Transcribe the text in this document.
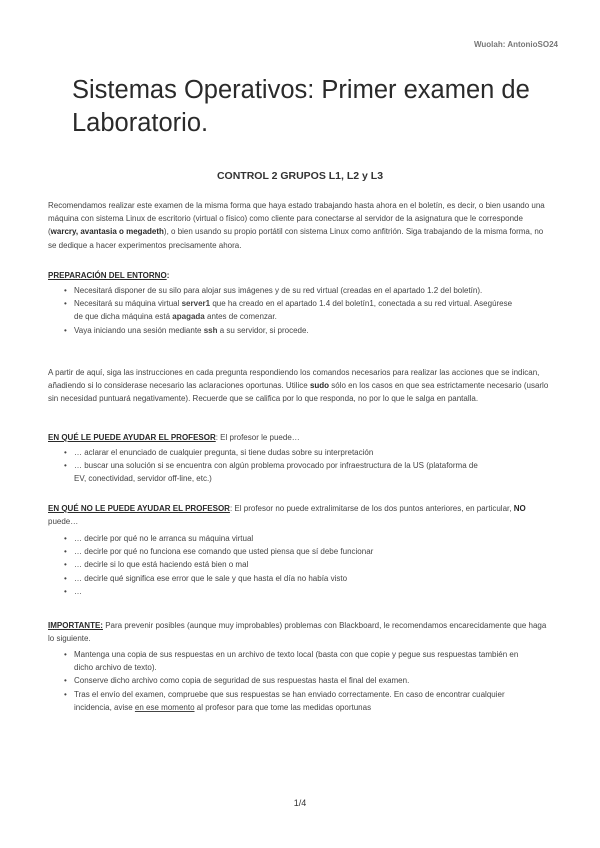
Wuolah: AntonioSO24
Sistemas Operativos: Primer examen de Laboratorio.
CONTROL 2 GRUPOS L1, L2 y L3

Recomendamos realizar este examen de la misma forma que haya estado trabajando hasta ahora en el boletín, es decir, o bien usando una máquina con sistema Linux de escritorio (virtual o físico) como cliente para conectarse al servidor de la asignatura que le corresponde (warcry, avantasia o megadeth), o bien usando su propio portátil con sistema Linux como anfitrión. Siga trabajando de la misma forma, no se dedique a hacer experimentos precisamente ahora.

PREPARACIÓN DEL ENTORNO:

• Necesitará disponer de su silo para alojar sus imágenes y de su red virtual (creadas en el apartado 1.2 del boletín).
• Necesitará su máquina virtual server1 que ha creado en el apartado 1.4 del boletín1, conectada a su red virtual. Asegúrese de que dicha máquina está apagada antes de comenzar.
• Vaya iniciando una sesión mediante ssh a su servidor, si procede.

A partir de aquí, siga las instrucciones en cada pregunta respondiendo los comandos necesarios para realizar las acciones que se indican, añadiendo si lo considerase necesario las aclaraciones oportunas. Utilice sudo sólo en los casos en que sea estrictamente necesario (usarlo sin necesidad puntuará negativamente). Recuerde que se califica por lo que responda, no por lo que le salga en pantalla.

EN QUÉ LE PUEDE AYUDAR EL PROFESOR: El profesor le puede…

• … aclarar el enunciado de cualquier pregunta, si tiene dudas sobre su interpretación
• … buscar una solución si se encuentra con algún problema provocado por infraestructura de la US (plataforma de EV, conectividad, servidor off-line, etc.)

EN QUÉ NO LE PUEDE AYUDAR EL PROFESOR: El profesor no puede extralimitarse de los dos puntos anteriores, en particular, NO puede…

• … decirle por qué no le arranca su máquina virtual
• … decirle por qué no funciona ese comando que usted piensa que sí debe funcionar
• … decirle si lo que está haciendo está bien o mal
• … decirle qué significa ese error que le sale y que hasta el día no había visto
• …

IMPORTANTE: Para prevenir posibles (aunque muy improbables) problemas con Blackboard, le recomendamos encarecidamente que haga lo siguiente.

• Mantenga una copia de sus respuestas en un archivo de texto local (basta con que copie y pegue sus respuestas también en dicho archivo de texto).
• Conserve dicho archivo como copia de seguridad de sus respuestas hasta el final del examen.
• Tras el envío del examen, compruebe que sus respuestas se han enviado correctamente. En caso de encontrar cualquier incidencia, avise en ese momento al profesor para que tome las medidas oportunas
1/4
